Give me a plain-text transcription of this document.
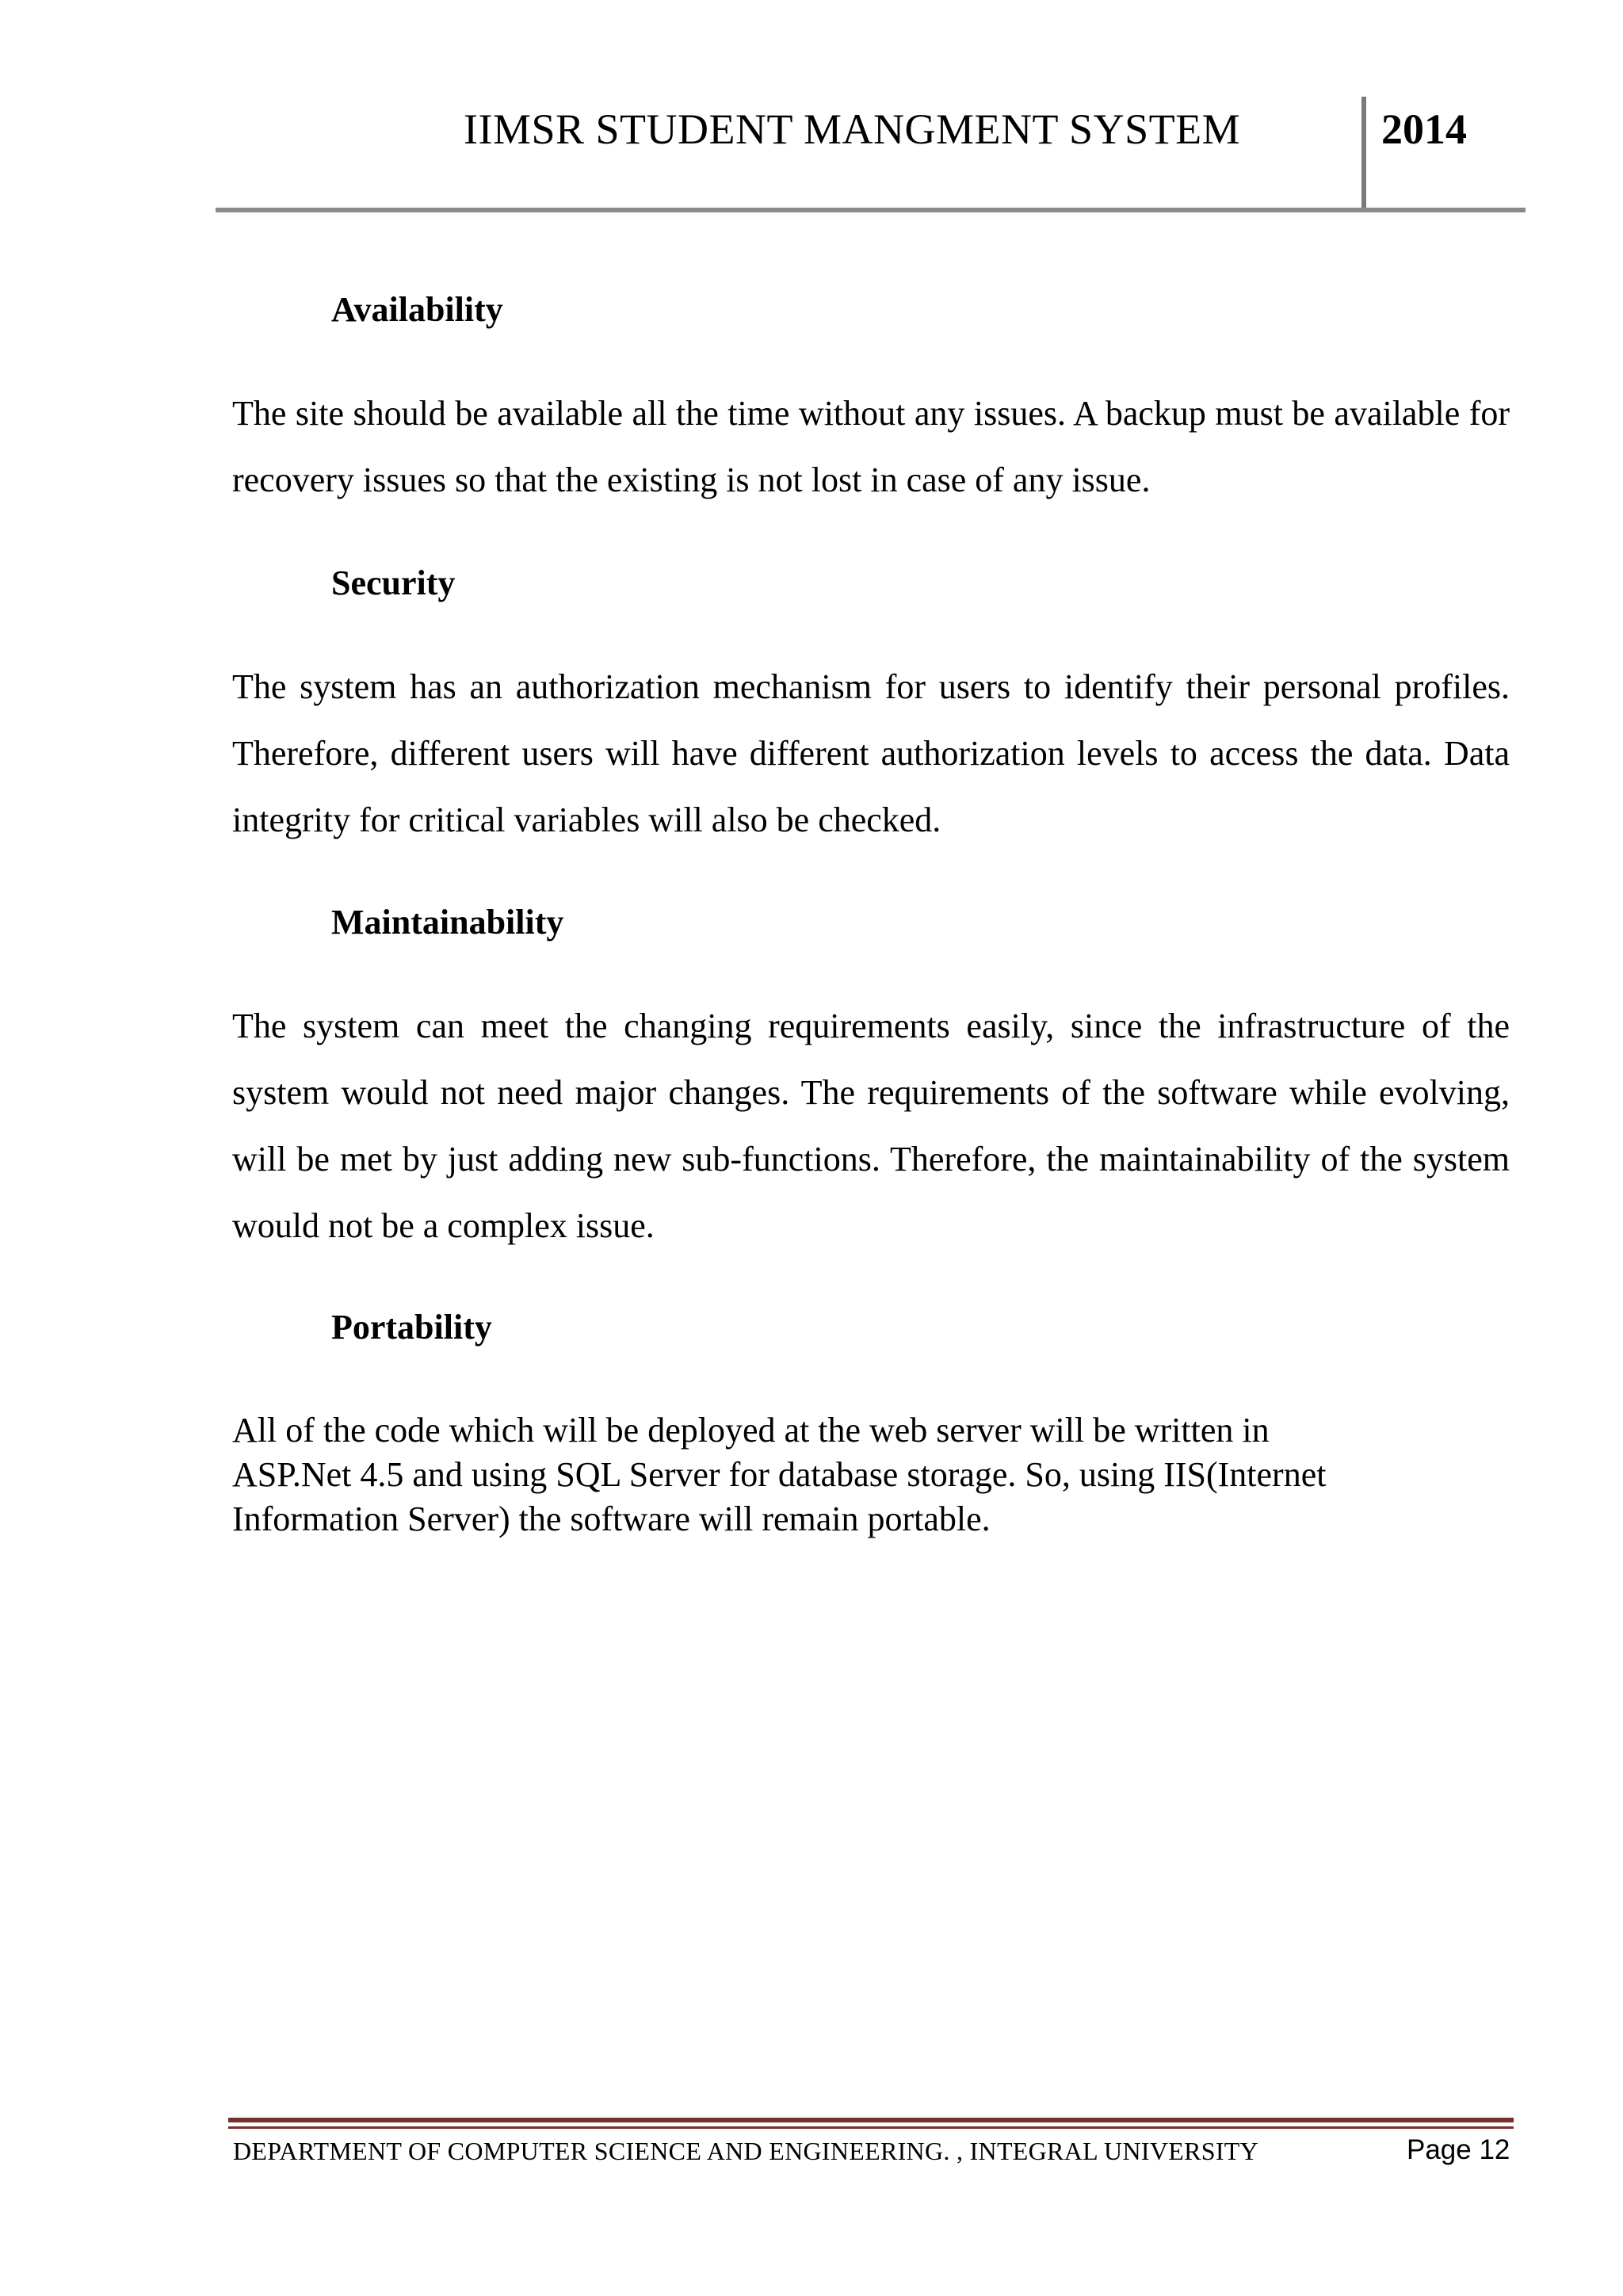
IIMSR STUDENT MANGMENT SYSTEM	2014
Availability
The site should be available all the time without any issues. A backup must be available for recovery issues so that the existing is not lost in case of any issue.
Security
The system has an authorization mechanism for users to identify their personal profiles. Therefore, different users will have different authorization levels to access the data. Data integrity for critical variables will also be checked.
Maintainability
The system can meet the changing requirements easily, since the infrastructure of the system would not need major changes. The requirements of the software while evolving, will be met by just adding new sub-functions. Therefore, the maintainability of the system would not be a complex issue.
Portability
All of the code which will be deployed at the web server will be written in
ASP.Net 4.5 and using SQL Server for database storage. So, using IIS(Internet
Information Server) the software will remain portable.
DEPARTMENT OF COMPUTER SCIENCE AND ENGINEERING. , INTEGRAL UNIVERSITY	Page 12
